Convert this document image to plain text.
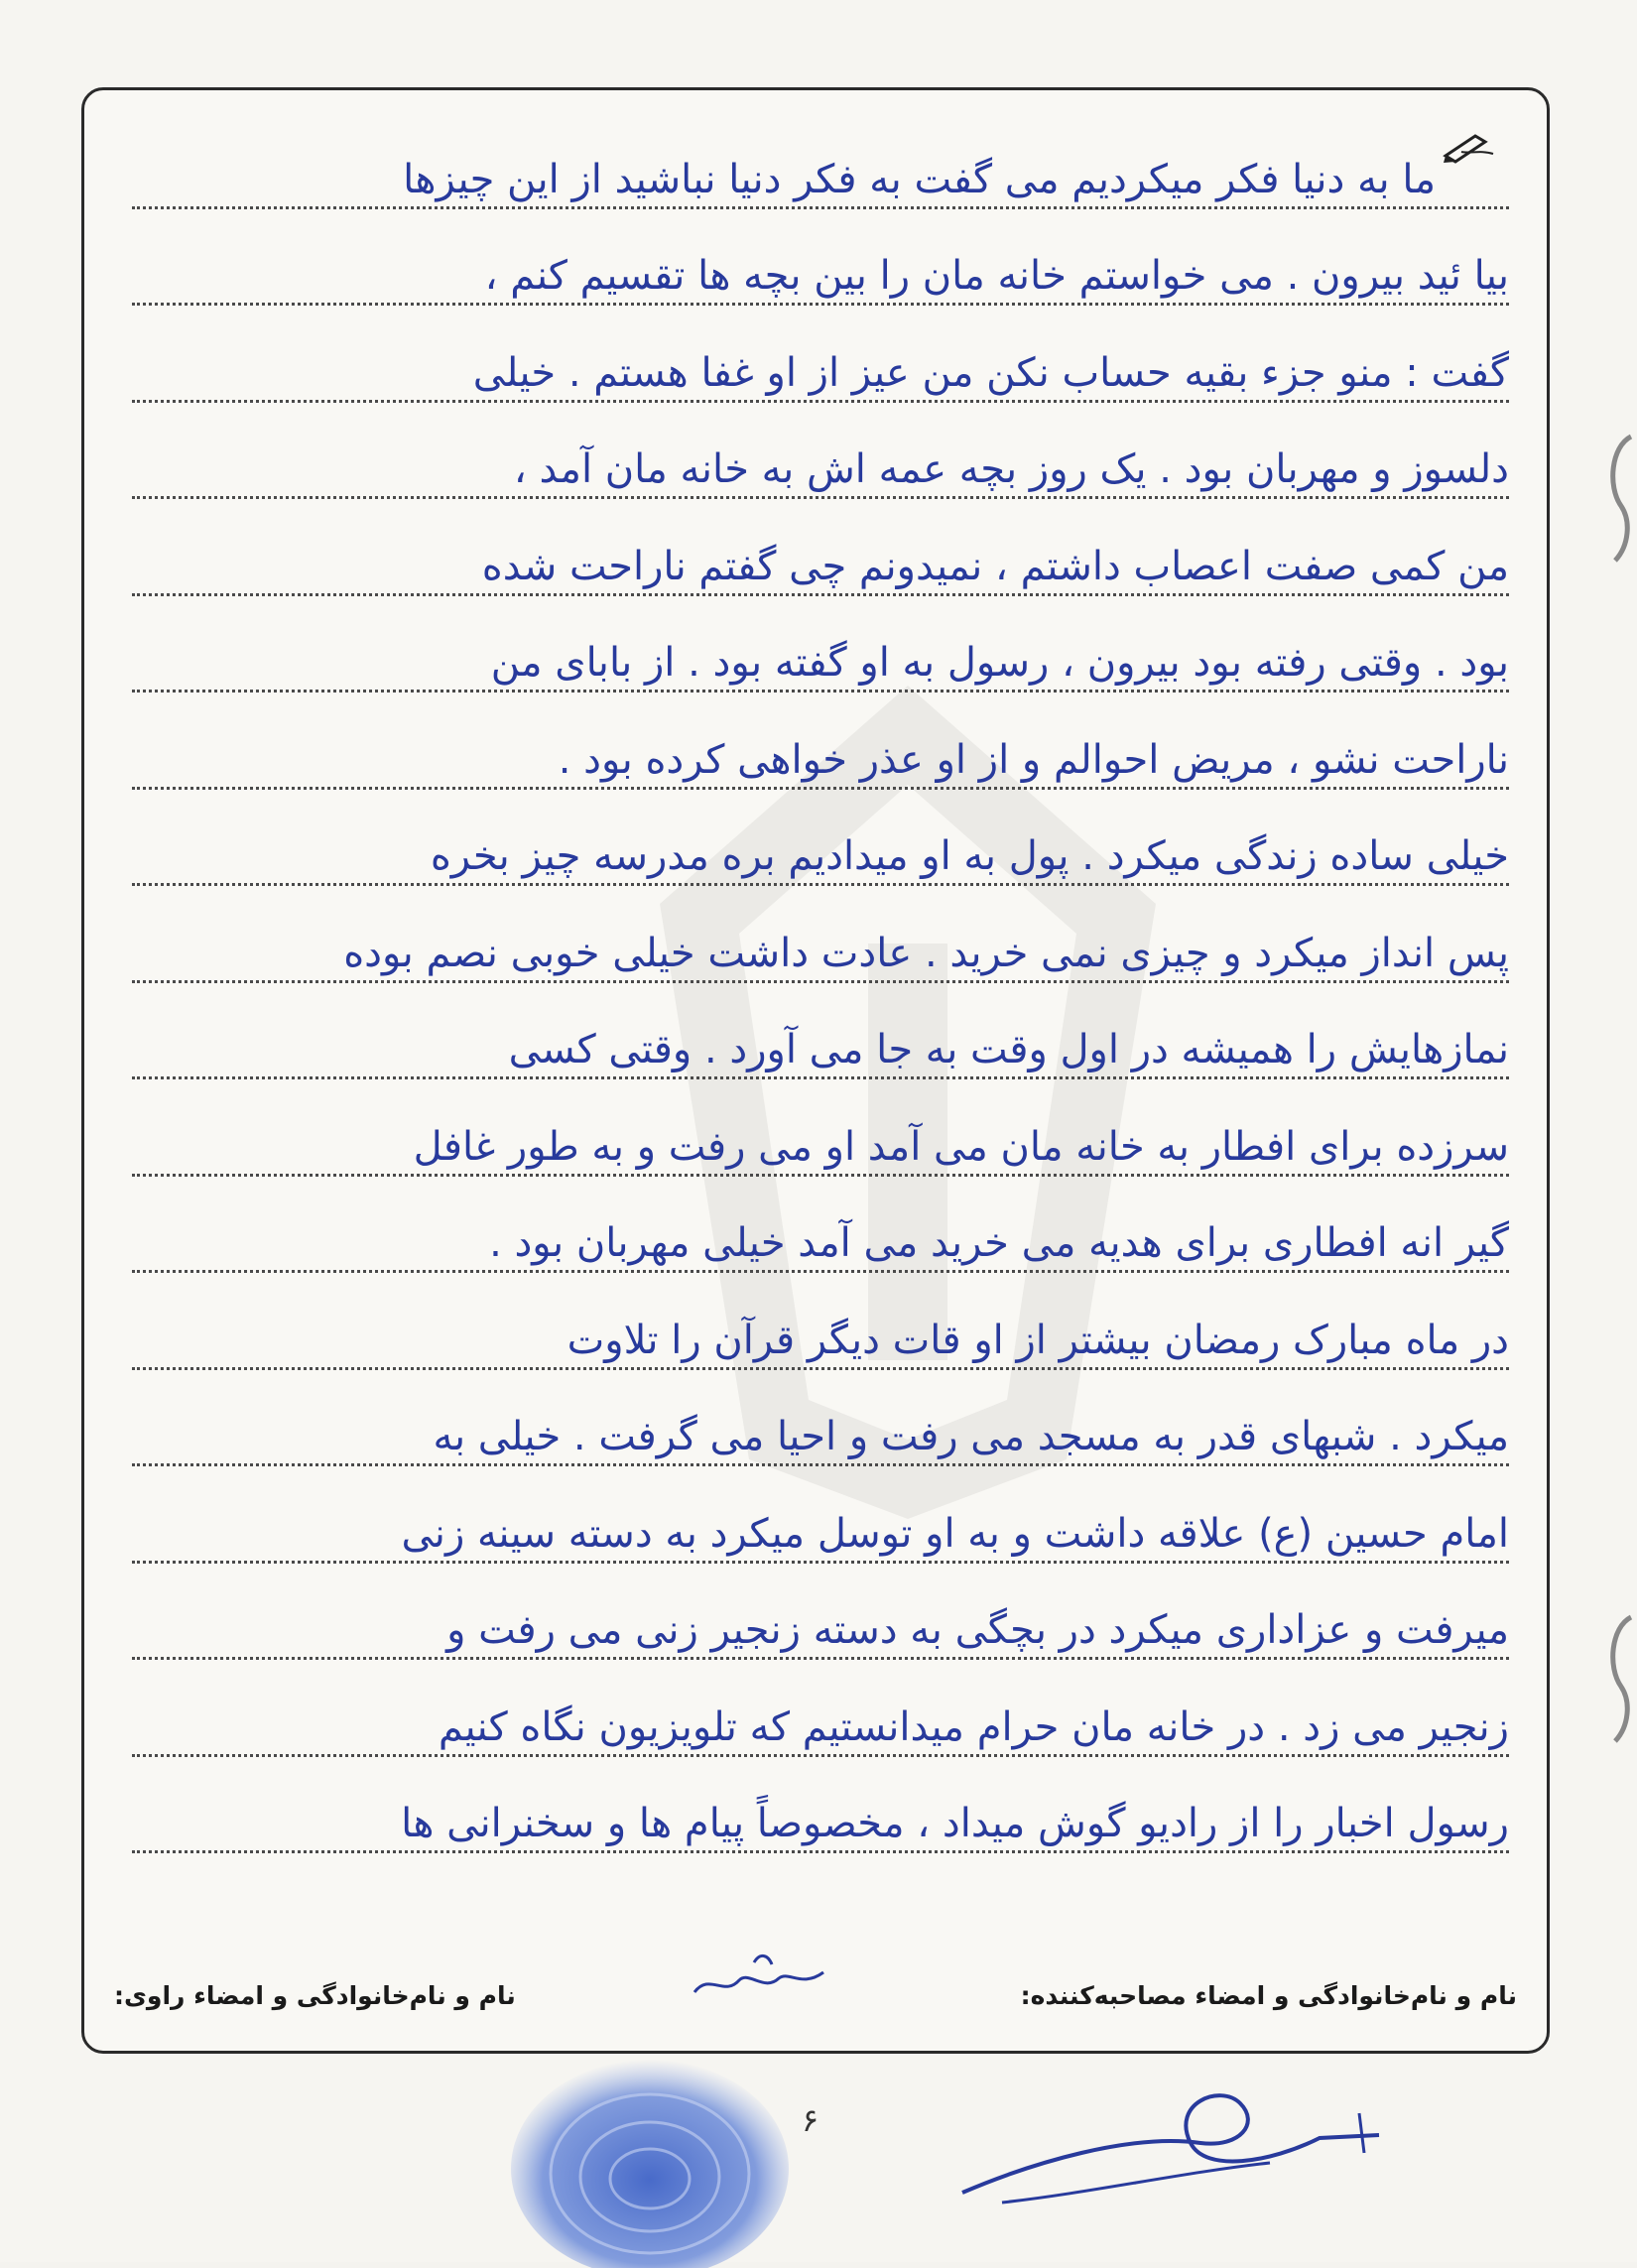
ما به دنیا فکر میکردیم می گفت به فکر دنیا نباشید از این چیزها
بیا ئید بیرون . می خواستم خانه مان را بین بچه ها تقسیم کنم ،
گفت : منو جزء بقیه حساب نکن من عیز از او غفا هستم . خیلی
دلسوز و مهربان بود . یک روز بچه عمه اش به خانه مان آمد ،
من کمی صفت اعصاب داشتم ، نمیدونم چی گفتم ناراحت شده
بود . وقتی رفته بود بیرون ، رسول به او گفته بود . از بابای من
ناراحت نشو ، مریض احوالم و از او عذر خواهی کرده بود .
خیلی ساده زندگی میکرد . پول به او میدادیم بره مدرسه چیز بخره
پس انداز میکرد و چیزی نمی خرید . عادت داشت خیلی خوبی نصم بوده
نمازهایش را همیشه در اول وقت به جا می آورد . وقتی کسی
سرزده برای افطار به خانه مان می آمد او می رفت و به طور غافل
گیر انه افطاری برای هدیه می خرید می آمد خیلی مهربان بود .
در ماه مبارک رمضان بیشتر از او قات دیگر قرآن را تلاوت
میکرد . شبهای قدر به مسجد می رفت و احیا می گرفت . خیلی به
امام حسین (ع) علاقه داشت و به او توسل میکرد به دسته سینه زنی
میرفت و عزاداری میکرد در بچگی به دسته زنجیر زنی می رفت و
زنجیر می زد . در خانه مان حرام میدانستیم که تلویزیون نگاه کنیم
رسول اخبار را از رادیو گوش میداد ، مخصوصاً پیام ها و سخنرانی ها
نام و نام‌خانوادگی و امضاء مصاحبه‌کننده:
نام و نام‌خانوادگی و امضاء راوی:
۶
